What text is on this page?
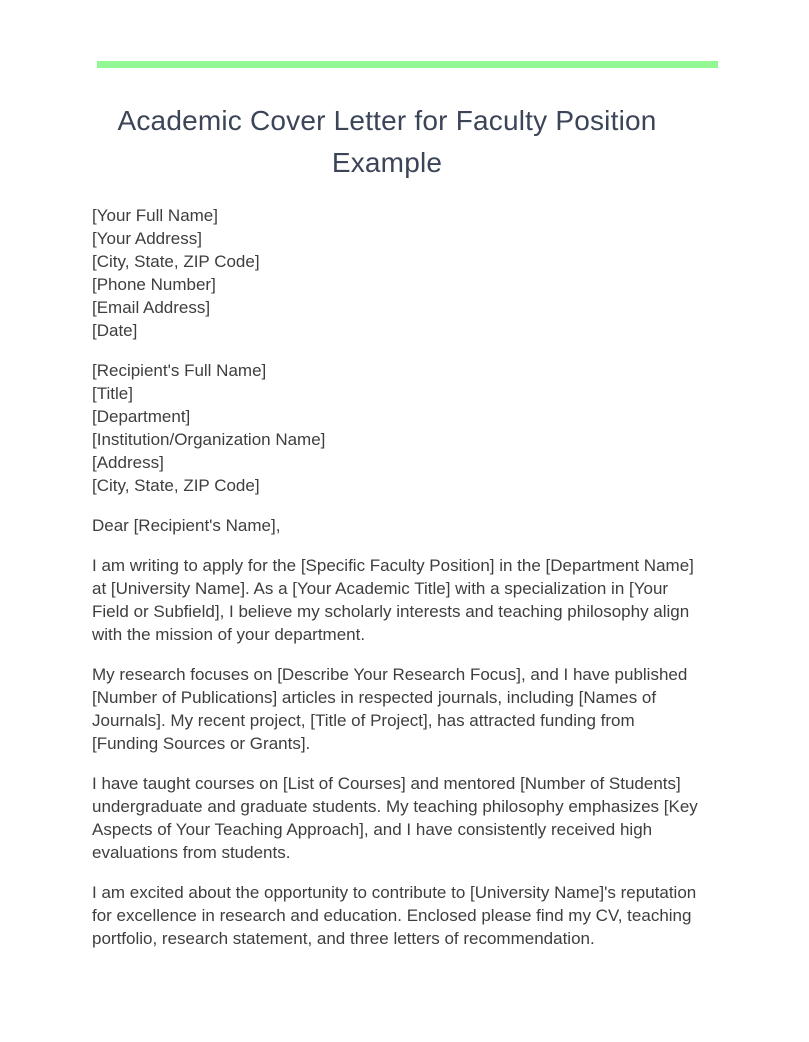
Academic Cover Letter for Faculty Position Example
[Your Full Name]
[Your Address]
[City, State, ZIP Code]
[Phone Number]
[Email Address]
[Date]
[Recipient's Full Name]
[Title]
[Department]
[Institution/Organization Name]
[Address]
[City, State, ZIP Code]

Dear [Recipient's Name],

I am writing to apply for the [Specific Faculty Position] in the [Department Name] at [University Name]. As a [Your Academic Title] with a specialization in [Your Field or Subfield], I believe my scholarly interests and teaching philosophy align with the mission of your department.

My research focuses on [Describe Your Research Focus], and I have published [Number of Publications] articles in respected journals, including [Names of Journals]. My recent project, [Title of Project], has attracted funding from [Funding Sources or Grants].

I have taught courses on [List of Courses] and mentored [Number of Students] undergraduate and graduate students. My teaching philosophy emphasizes [Key Aspects of Your Teaching Approach], and I have consistently received high evaluations from students.

I am excited about the opportunity to contribute to [University Name]'s reputation for excellence in research and education. Enclosed please find my CV, teaching portfolio, research statement, and three letters of recommendation.
